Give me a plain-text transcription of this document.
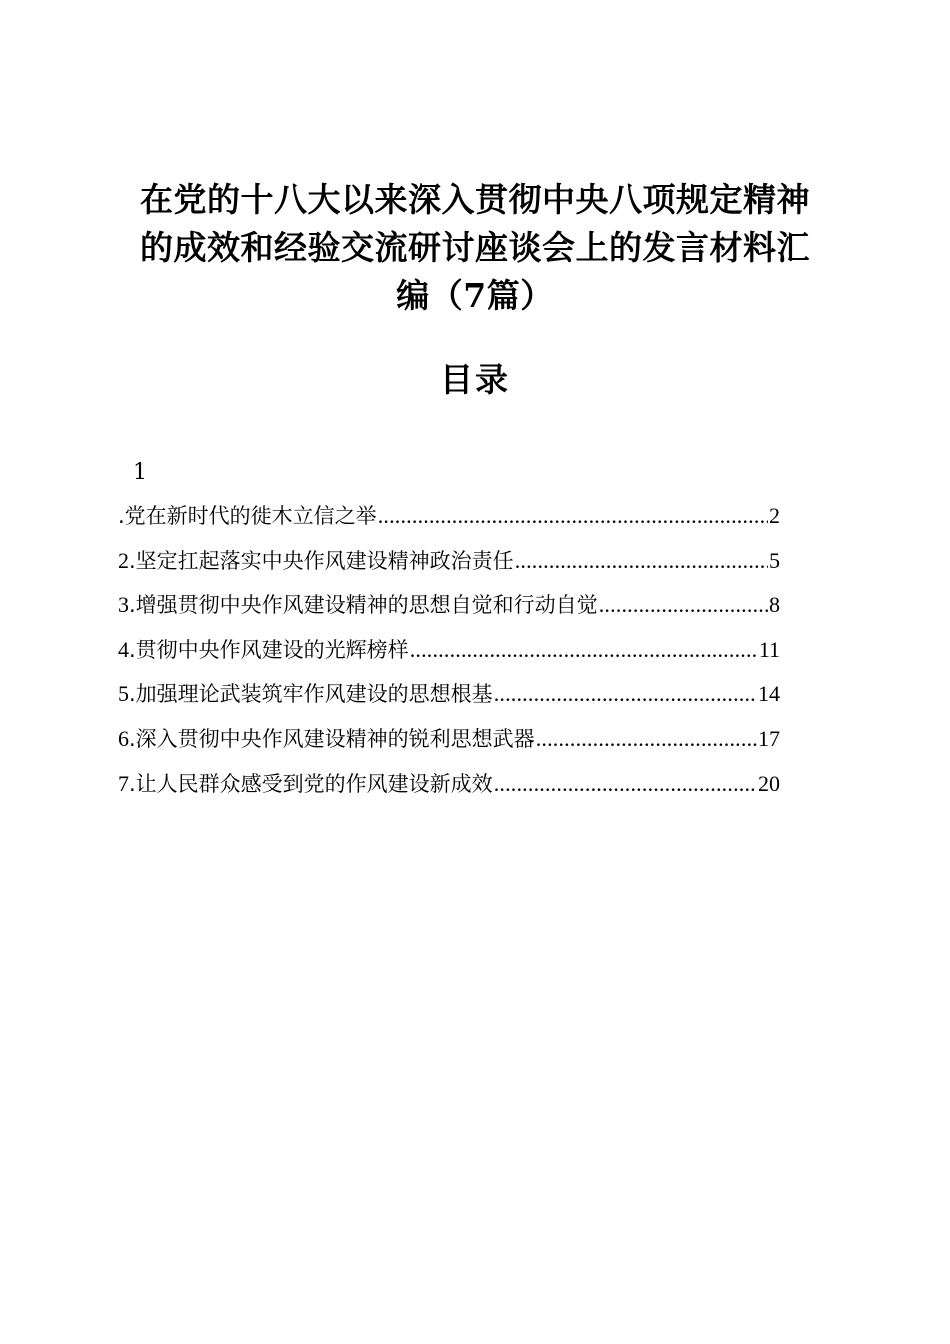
在党的十八大以来深入贯彻中央八项规定精神
的成效和经验交流研讨座谈会上的发言材料汇
编（7篇）
目录
1
.党在新时代的徙木立信之举 .....	2
2.坚定扛起落实中央作风建设精神政治责任 .....	5
3.增强贯彻中央作风建设精神的思想自觉和行动自觉 .....	8
4.贯彻中央作风建设的光辉榜样 .....	11
5.加强理论武装筑牢作风建设的思想根基 .....	14
6.深入贯彻中央作风建设精神的锐利思想武器 .....	17
7.让人民群众感受到党的作风建设新成效 .....	20
